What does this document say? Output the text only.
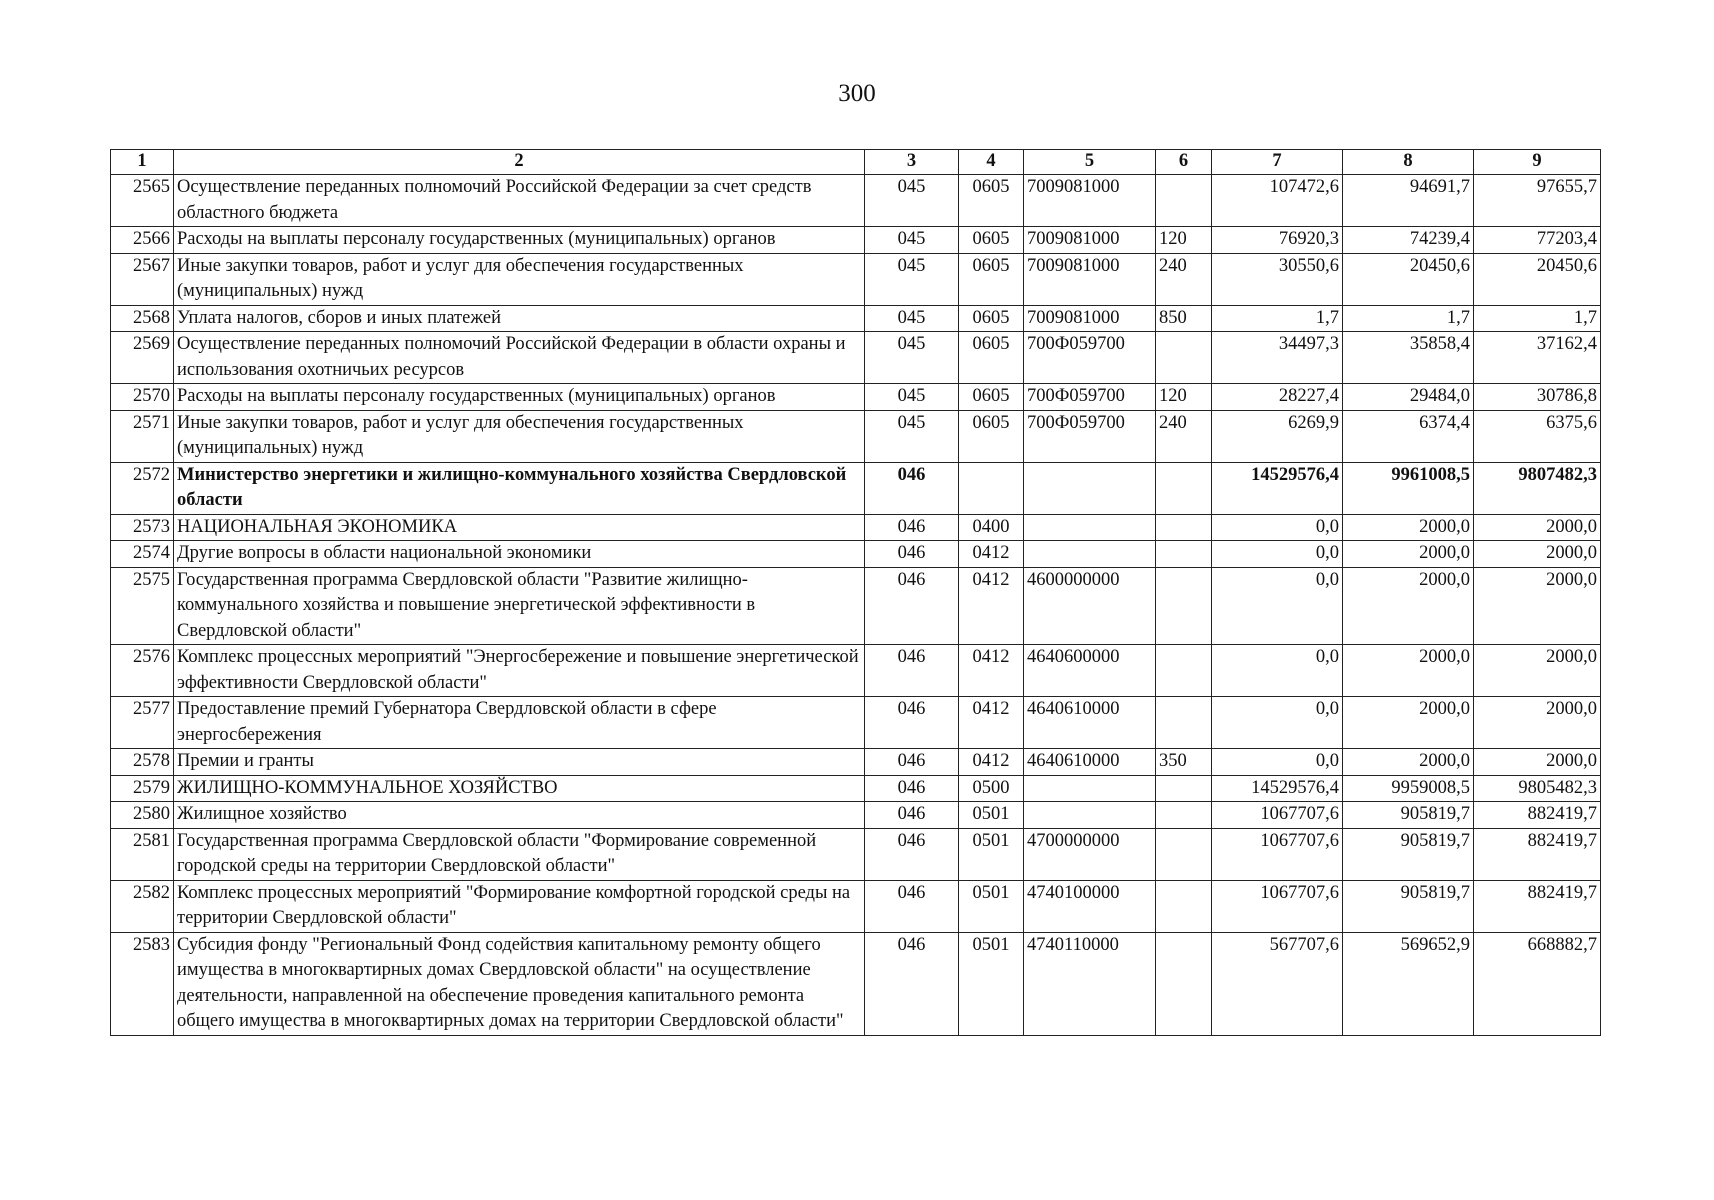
300
1	2	3	4	5	6	7	8	9
2565	Осуществление переданных полномочий Российской Федерации за счет средств областного бюджета	045	0605	7009081000		107472,6	94691,7	97655,7
2566	Расходы на выплаты персоналу государственных (муниципальных) органов	045	0605	7009081000	120	76920,3	74239,4	77203,4
2567	Иные закупки товаров, работ и услуг для обеспечения государственных (муниципальных) нужд	045	0605	7009081000	240	30550,6	20450,6	20450,6
2568	Уплата налогов, сборов и иных платежей	045	0605	7009081000	850	1,7	1,7	1,7
2569	Осуществление переданных полномочий Российской Федерации в области охраны и использования охотничьих ресурсов	045	0605	700Ф059700		34497,3	35858,4	37162,4
2570	Расходы на выплаты персоналу государственных (муниципальных) органов	045	0605	700Ф059700	120	28227,4	29484,0	30786,8
2571	Иные закупки товаров, работ и услуг для обеспечения государственных (муниципальных) нужд	045	0605	700Ф059700	240	6269,9	6374,4	6375,6
2572	Министерство энергетики и жилищно-коммунального хозяйства Свердловской области	046				14529576,4	9961008,5	9807482,3
2573	НАЦИОНАЛЬНАЯ ЭКОНОМИКА	046	0400			0,0	2000,0	2000,0
2574	Другие вопросы в области национальной экономики	046	0412			0,0	2000,0	2000,0
2575	Государственная программа Свердловской области "Развитие жилищно-коммунального хозяйства и повышение энергетической эффективности в Свердловской области"	046	0412	4600000000		0,0	2000,0	2000,0
2576	Комплекс процессных мероприятий "Энергосбережение и повышение энергетической эффективности Свердловской области"	046	0412	4640600000		0,0	2000,0	2000,0
2577	Предоставление премий Губернатора Свердловской области в сфере энергосбережения	046	0412	4640610000		0,0	2000,0	2000,0
2578	Премии и гранты	046	0412	4640610000	350	0,0	2000,0	2000,0
2579	ЖИЛИЩНО-КОММУНАЛЬНОЕ ХОЗЯЙСТВО	046	0500			14529576,4	9959008,5	9805482,3
2580	Жилищное хозяйство	046	0501			1067707,6	905819,7	882419,7
2581	Государственная программа Свердловской области "Формирование современной городской среды на территории Свердловской области"	046	0501	4700000000		1067707,6	905819,7	882419,7
2582	Комплекс процессных мероприятий "Формирование комфортной городской среды на территории Свердловской области"	046	0501	4740100000		1067707,6	905819,7	882419,7
2583	Субсидия фонду "Региональный Фонд содействия капитальному ремонту общего имущества в многоквартирных домах Свердловской области" на осуществление деятельности, направленной на обеспечение проведения капитального ремонта общего имущества в многоквартирных домах на территории Свердловской области"	046	0501	4740110000		567707,6	569652,9	668882,7
